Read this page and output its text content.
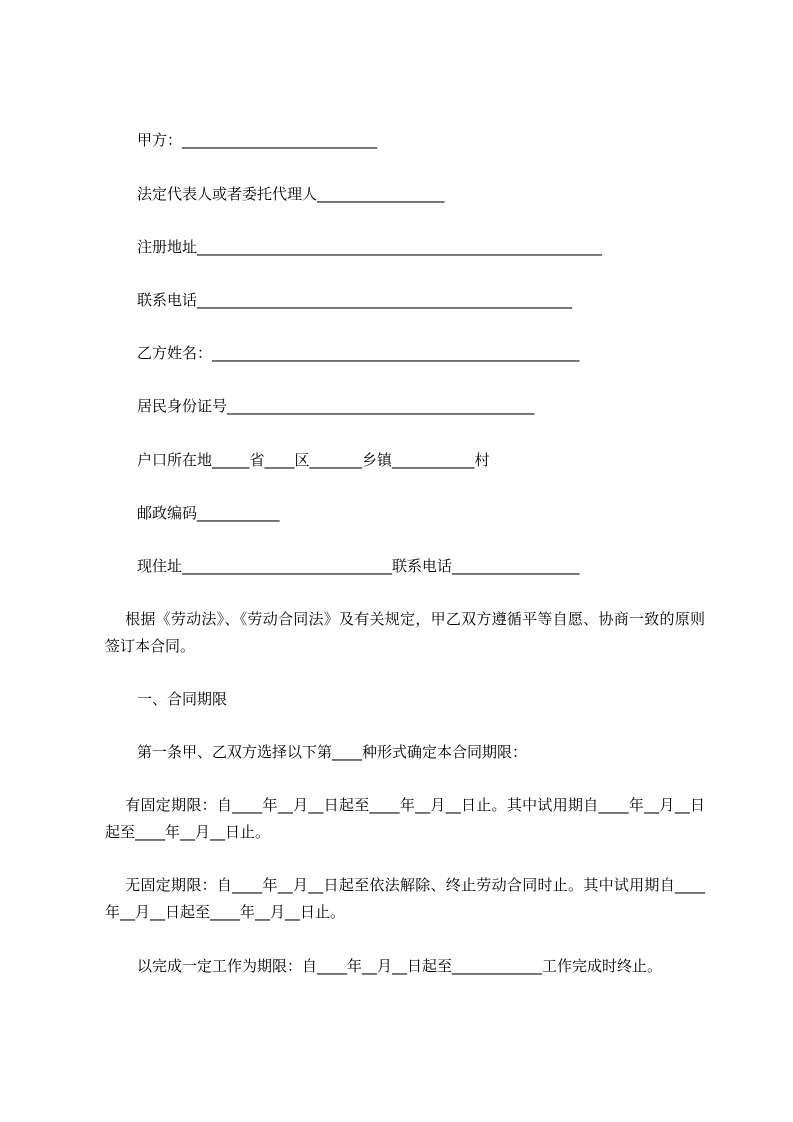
甲方：__________________________
法定代表人或者委托代理人_________________
注册地址______________________________________________________
联系电话__________________________________________________
乙方姓名：_________________________________________________
居民身份证号_________________________________________
户口所在地_____省____区_______乡镇___________村
邮政编码___________
现住址____________________________联系电话_________________
根据《劳动法》、《劳动合同法》及有关规定，甲乙双方遵循平等自愿、协商一致的原则签订本合同。
一、合同期限
第一条甲、乙双方选择以下第____种形式确定本合同期限：
有固定期限：自____年__月__日起至____年__月__日止。其中试用期自____年__月__日起至____年__月__日止。
无固定期限：自____年__月__日起至依法解除、终止劳动合同时止。其中试用期自____年__月__日起至____年__月__日止。
以完成一定工作为期限：自____年__月__日起至____________工作完成时终止。
